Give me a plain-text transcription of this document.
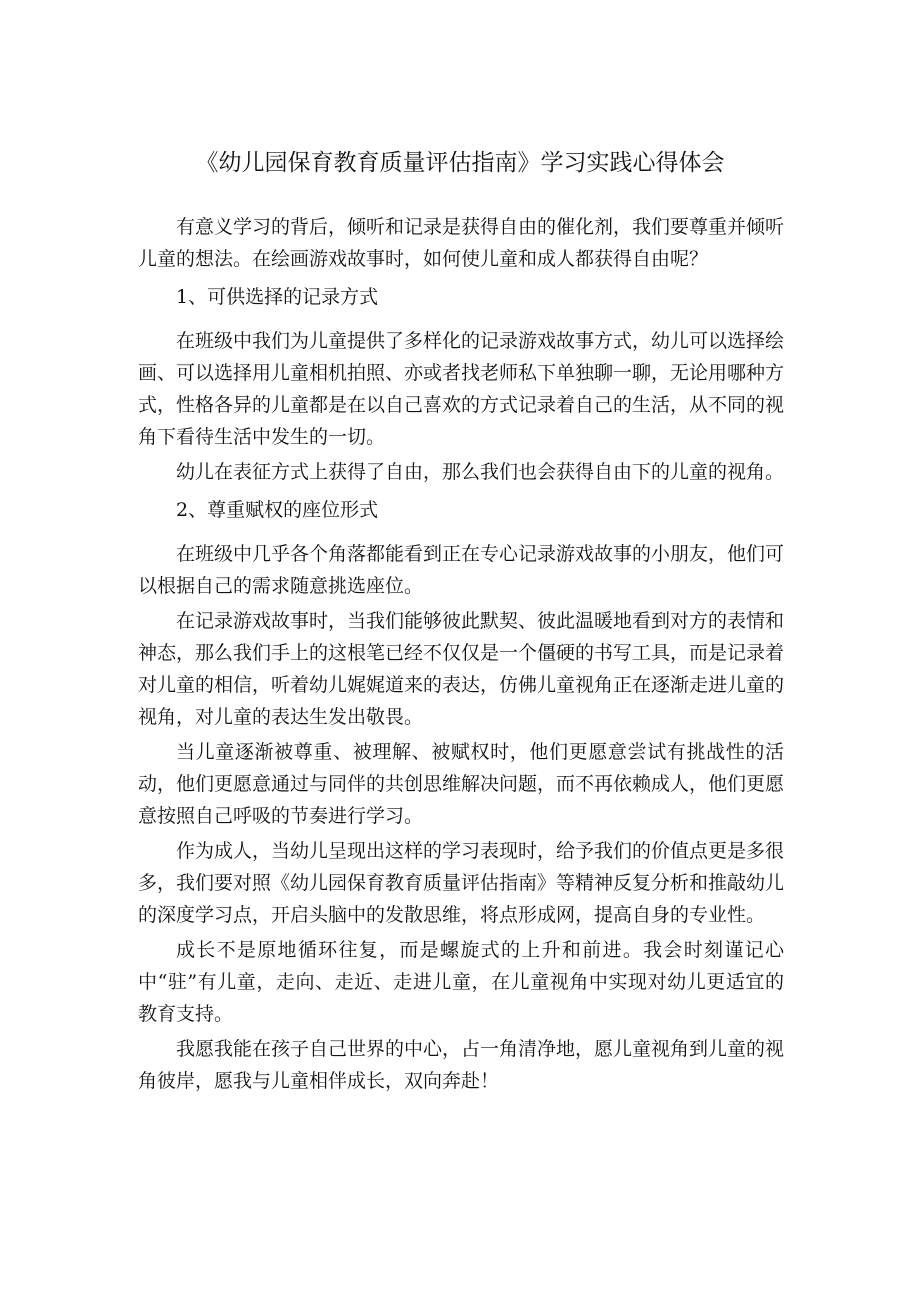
《幼儿园保育教育质量评估指南》学习实践心得体会

有意义学习的背后，倾听和记录是获得自由的催化剂，我们要尊重并倾听儿童的想法。在绘画游戏故事时，如何使儿童和成人都获得自由呢？

1、可供选择的记录方式

在班级中我们为儿童提供了多样化的记录游戏故事方式，幼儿可以选择绘画、可以选择用儿童相机拍照、亦或者找老师私下单独聊一聊，无论用哪种方式，性格各异的儿童都是在以自己喜欢的方式记录着自己的生活，从不同的视角下看待生活中发生的一切。

幼儿在表征方式上获得了自由，那么我们也会获得自由下的儿童的视角。

2、尊重赋权的座位形式

在班级中几乎各个角落都能看到正在专心记录游戏故事的小朋友，他们可以根据自己的需求随意挑选座位。

在记录游戏故事时，当我们能够彼此默契、彼此温暖地看到对方的表情和神态，那么我们手上的这根笔已经不仅仅是一个僵硬的书写工具，而是记录着对儿童的相信，听着幼儿娓娓道来的表达，仿佛儿童视角正在逐渐走进儿童的视角，对儿童的表达生发出敬畏。

当儿童逐渐被尊重、被理解、被赋权时，他们更愿意尝试有挑战性的活动，他们更愿意通过与同伴的共创思维解决问题，而不再依赖成人，他们更愿意按照自己呼吸的节奏进行学习。

作为成人，当幼儿呈现出这样的学习表现时，给予我们的价值点更是多很多，我们要对照《幼儿园保育教育质量评估指南》等精神反复分析和推敲幼儿的深度学习点，开启头脑中的发散思维，将点形成网，提高自身的专业性。

成长不是原地循环往复，而是螺旋式的上升和前进。我会时刻谨记心中“驻”有儿童，走向、走近、走进儿童，在儿童视角中实现对幼儿更适宜的教育支持。

我愿我能在孩子自己世界的中心，占一角清净地，愿儿童视角到儿童的视角彼岸，愿我与儿童相伴成长，双向奔赴！
